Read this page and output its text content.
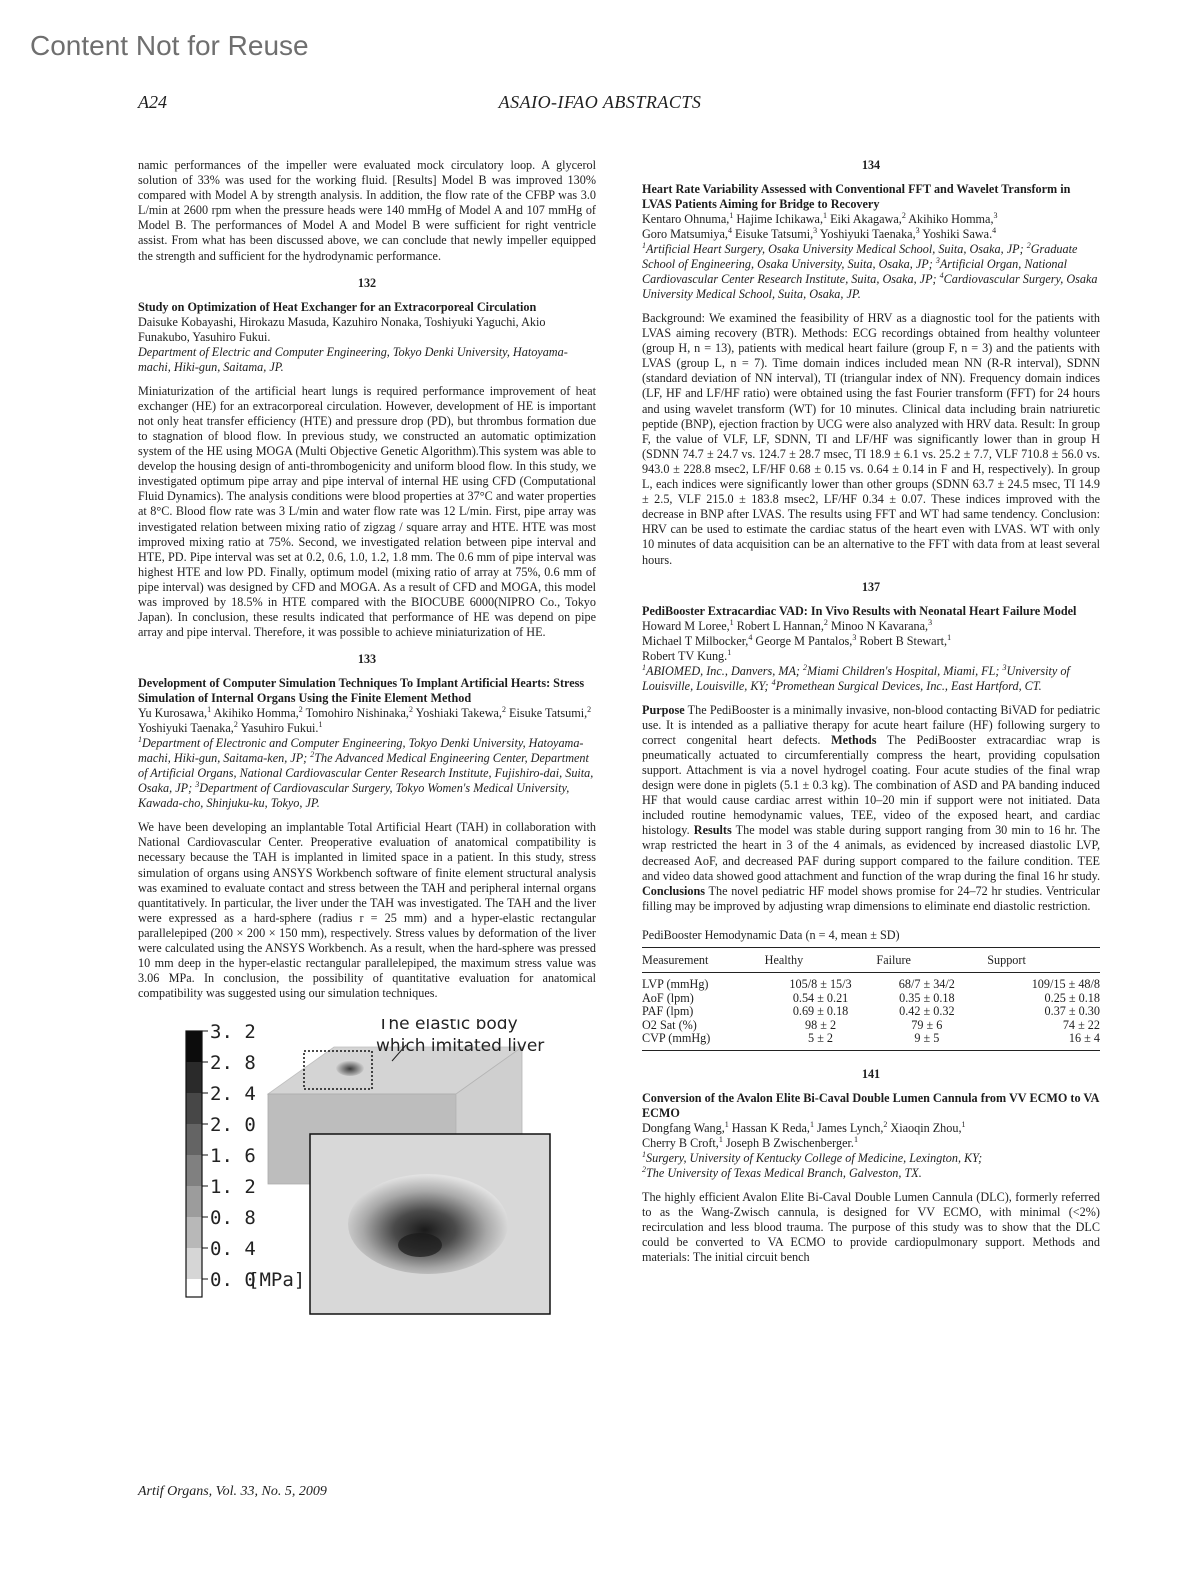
Content Not for Reuse
A24	ASAIO-IFAO ABSTRACTS

namic performances of the impeller were evaluated mock circulatory loop. A glycerol solution of 33% was used for the working fluid. [Results] Model B was improved 130% compared with Model A by strength analysis. In addition, the flow rate of the CFBP was 3.0 L/min at 2600 rpm when the pressure heads were 140 mmHg of Model A and 107 mmHg of Model B. The performances of Model A and Model B were sufficient for right ventricle assist. From what has been discussed above, we can conclude that newly impeller equipped the strength and sufficient for the hydrodynamic performance.

132
Study on Optimization of Heat Exchanger for an Extracorporeal Circulation
Daisuke Kobayashi, Hirokazu Masuda, Kazuhiro Nonaka, Toshiyuki Yaguchi, Akio Funakubo, Yasuhiro Fukui.
Department of Electric and Computer Engineering, Tokyo Denki University, Hatoyama-machi, Hiki-gun, Saitama, JP.

Miniaturization of the artificial heart lungs is required performance improvement of heat exchanger (HE) for an extracorporeal circulation. However, development of HE is important not only heat transfer efficiency (HTE) and pressure drop (PD), but thrombus formation due to stagnation of blood flow. In previous study, we constructed an automatic optimization system of the HE using MOGA (Multi Objective Genetic Algorithm).This system was able to develop the housing design of anti-thrombogenicity and uniform blood flow. In this study, we investigated optimum pipe array and pipe interval of internal HE using CFD (Computational Fluid Dynamics). The analysis conditions were blood properties at 37°C and water properties at 8°C. Blood flow rate was 3 L/min and water flow rate was 12 L/min. First, pipe array was investigated relation between mixing ratio of zigzag / square array and HTE. HTE was most improved mixing ratio at 75%. Second, we investigated relation between pipe interval and HTE, PD. Pipe interval was set at 0.2, 0.6, 1.0, 1.2, 1.8 mm. The 0.6 mm of pipe interval was highest HTE and low PD. Finally, optimum model (mixing ratio of array at 75%, 0.6 mm of pipe interval) was designed by CFD and MOGA. As a result of CFD and MOGA, this model was improved by 18.5% in HTE compared with the BIOCUBE 6000(NIPRO Co., Tokyo Japan). In conclusion, these results indicated that performance of HE was depend on pipe array and pipe interval. Therefore, it was possible to achieve miniaturization of HE.

133
Development of Computer Simulation Techniques To Implant Artificial Hearts: Stress Simulation of Internal Organs Using the Finite Element Method
Yu Kurosawa,$^1$ Akihiko Homma,$^2$ Tomohiro Nishinaka,$^2$ Yoshiaki Takewa,$^2$ Eisuke Tatsumi,$^2$ Yoshiyuki Taenaka,$^2$ Yasuhiro Fukui.$^1$
$^1$Department of Electronic and Computer Engineering, Tokyo Denki University, Hatoyama-machi, Hiki-gun, Saitama-ken, JP; $^2$The Advanced Medical Engineering Center, Department of Artificial Organs, National Cardiovascular Center Research Institute, Fujishiro-dai, Suita, Osaka, JP; $^3$Department of Cardiovascular Surgery, Tokyo Women's Medical University, Kawada-cho, Shinjuku-ku, Tokyo, JP.

We have been developing an implantable Total Artificial Heart (TAH) in collaboration with National Cardiovascular Center. Preoperative evaluation of anatomical compatibility is necessary because the TAH is implanted in limited space in a patient. In this study, stress simulation of organs using ANSYS Workbench software of finite element structural analysis was examined to evaluate contact and stress between the TAH and peripheral internal organs quantitatively. In particular, the liver under the TAH was investigated. The TAH and the liver were expressed as a hard-sphere (radius r = 25 mm) and a hyper-elastic rectangular parallelepiped (200 × 200 × 150 mm), respectively. Stress values by deformation of the liver were calculated using the ANSYS Workbench. As a result, when the hard-sphere was pressed 10 mm deep in the hyper-elastic rectangular parallelepiped, the maximum stress value was 3.06 MPa. In conclusion, the possibility of quantitative evaluation for anatomical compatibility was suggested using our simulation techniques.

3. 2
2. 8
2. 4
2. 0
1. 6
1. 2
0. 8
0. 4
0. 0
[MPa]
The elastic body
which imitated liver
134
Heart Rate Variability Assessed with Conventional FFT and Wavelet Transform in LVAS Patients Aiming for Bridge to Recovery
Kentaro Ohnuma,$^1$ Hajime Ichikawa,$^1$ Eiki Akagawa,$^2$ Akihiko Homma,$^3$
Goro Matsumiya,$^4$ Eisuke Tatsumi,$^3$ Yoshiyuki Taenaka,$^3$ Yoshiki Sawa.$^4$
$^1$Artificial Heart Surgery, Osaka University Medical School, Suita, Osaka, JP; $^2$Graduate School of Engineering, Osaka University, Suita, Osaka, JP; $^3$Artificial Organ, National Cardiovascular Center Research Institute, Suita, Osaka, JP; $^4$Cardiovascular Surgery, Osaka University Medical School, Suita, Osaka, JP.

Background: We examined the feasibility of HRV as a diagnostic tool for the patients with LVAS aiming recovery (BTR). Methods: ECG recordings obtained from healthy volunteer (group H, n = 13), patients with medical heart failure (group F, n = 3) and the patients with LVAS (group L, n = 7). Time domain indices included mean NN (R-R interval), SDNN (standard deviation of NN interval), TI (triangular index of NN). Frequency domain indices (LF, HF and LF/HF ratio) were obtained using the fast Fourier transform (FFT) for 24 hours and using wavelet transform (WT) for 10 minutes. Clinical data including brain natriuretic peptide (BNP), ejection fraction by UCG were also analyzed with HRV data. Result: In group F, the value of VLF, LF, SDNN, TI and LF/HF was significantly lower than in group H (SDNN 74.7 ± 24.7 vs. 124.7 ± 28.7 msec, TI 18.9 ± 6.1 vs. 25.2 ± 7.7, VLF 710.8 ± 56.0 vs. 943.0 ± 228.8 msec2, LF/HF 0.68 ± 0.15 vs. 0.64 ± 0.14 in F and H, respectively). In group L, each indices were significantly lower than other groups (SDNN 63.7 ± 24.5 msec, TI 14.9 ± 2.5, VLF 215.0 ± 183.8 msec2, LF/HF 0.34 ± 0.07. These indices improved with the decrease in BNP after LVAS. The results using FFT and WT had same tendency. Conclusion: HRV can be used to estimate the cardiac status of the heart even with LVAS. WT with only 10 minutes of data acquisition can be an alternative to the FFT with data from at least several hours.

137
PediBooster Extracardiac VAD: In Vivo Results with Neonatal Heart Failure Model
Howard M Loree,$^1$ Robert L Hannan,$^2$ Minoo N Kavarana,$^3$
Michael T Milbocker,$^4$ George M Pantalos,$^3$ Robert B Stewart,$^1$
Robert TV Kung.$^1$
$^1$ABIOMED, Inc., Danvers, MA; $^2$Miami Children's Hospital, Miami, FL; $^3$University of Louisville, Louisville, KY; $^4$Promethean Surgical Devices, Inc., East Hartford, CT.

Purpose The PediBooster is a minimally invasive, non-blood contacting BiVAD for pediatric use. It is intended as a palliative therapy for acute heart failure (HF) following surgery to correct congenital heart defects. Methods The PediBooster extracardiac wrap is pneumatically actuated to circumferentially compress the heart, providing copulsation support. Attachment is via a novel hydrogel coating. Four acute studies of the final wrap design were done in piglets (5.1 ± 0.3 kg). The combination of ASD and PA banding induced HF that would cause cardiac arrest within 10–20 min if support were not initiated. Data included routine hemodynamic values, TEE, video of the exposed heart, and cardiac histology. Results The model was stable during support ranging from 30 min to 16 hr. The wrap restricted the heart in 3 of the 4 animals, as evidenced by increased diastolic LVP, decreased AoF, and decreased PAF during support compared to the failure condition. TEE and video data showed good attachment and function of the wrap during the final 16 hr study. Conclusions The novel pediatric HF model shows promise for 24–72 hr studies. Ventricular filling may be improved by adjusting wrap dimensions to eliminate end diastolic restriction.

PediBooster Hemodynamic Data (n = 4, mean ± SD)
Measurement	Healthy	Failure	Support
LVP (mmHg)	105/8 ± 15/3	68/7 ± 34/2	109/15 ± 48/8
AoF (lpm)	0.54 ± 0.21	0.35 ± 0.18	0.25 ± 0.18
PAF (lpm)	0.69 ± 0.18	0.42 ± 0.32	0.37 ± 0.30
O2 Sat (%)	98 ± 2	79 ± 6	74 ± 22
CVP (mmHg)	5 ± 2	9 ± 5	16 ± 4
141
Conversion of the Avalon Elite Bi-Caval Double Lumen Cannula from VV ECMO to VA ECMO
Dongfang Wang,$^1$ Hassan K Reda,$^1$ James Lynch,$^2$ Xiaoqin Zhou,$^1$
Cherry B Croft,$^1$ Joseph B Zwischenberger.$^1$
$^1$Surgery, University of Kentucky College of Medicine, Lexington, KY;
$^2$The University of Texas Medical Branch, Galveston, TX.

The highly efficient Avalon Elite Bi-Caval Double Lumen Cannula (DLC), formerly referred to as the Wang-Zwisch cannula, is designed for VV ECMO, with minimal (<2%) recirculation and less blood trauma. The purpose of this study was to show that the DLC could be converted to VA ECMO to provide cardiopulmonary support. Methods and materials: The initial circuit bench

Artif Organs, Vol. 33, No. 5, 2009
